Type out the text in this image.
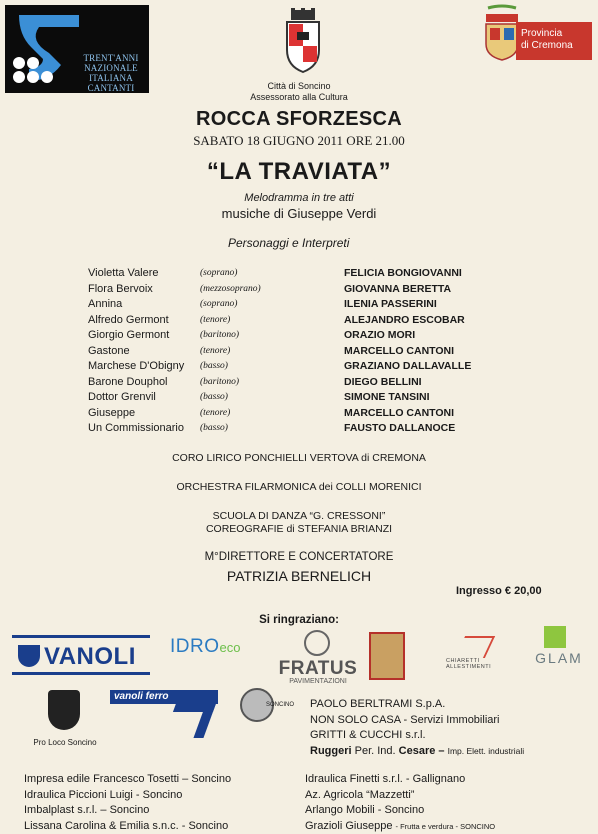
TRENT'ANNI
NAZIONALE
ITALIANA
CANTANTI	Città di Soncino
Assessorato alla Cultura
Provincia
di Cremona
ROCCA SFORZESCA
SABATO 18 GIUGNO 2011 ORE 21.00
“LA TRAVIATA”
Melodramma in tre atti
musiche di Giuseppe Verdi
Personaggi e Interpreti
Violetta Valere	(soprano)	FELICIA BONGIOVANNI
Flora Bervoix	(mezzosoprano)	GIOVANNA BERETTA
Annina	(soprano)	ILENIA PASSERINI
Alfredo Germont	(tenore)	ALEJANDRO ESCOBAR
Giorgio Germont	(baritono)	ORAZIO MORI
Gastone	(tenore)	MARCELLO CANTONI
Marchese D'Obigny (basso)	GRAZIANO DALLAVALLE
Barone Douphol	(baritono)	DIEGO BELLINI
Dottor Grenvil	(basso)	SIMONE TANSINI
Giuseppe	(tenore)	MARCELLO CANTONI
Un Commissionario (basso)	FAUSTO DALLANOCE
CORO LIRICO PONCHIELLI VERTOVA di CREMONA
ORCHESTRA FILARMONICA dei COLLI MORENICI
SCUOLA DI DANZA “G. CRESSONI”
COREOGRAFIE di STEFANIA BRIANZI
M°DIRETTORE E CONCERTATORE
PATRIZIA BERNELICH
Ingresso € 20,00
Si ringraziano:
VANOLI IDROeco
FRATUS
PAVIMENTAZIONI
CHIARETTI ALLESTIMENTI
GLAM
Pro Loco Soncino
vanoli ferro
SONCINO PAOLO BERLTRAMI S.p.A.
NON SOLO CASA - Servizi Immobiliari
GRITTI & CUCCHI s.r.l.
Ruggeri Per. Ind. Cesare – Imp. Elett. industriali
Impresa edile Francesco Tosetti – Soncino
Idraulica Piccioni Luigi - Soncino
Imbalplast s.r.l. – Soncino
Lissana Carolina & Emilia s.n.c. - Soncino
Idraulica Finetti s.r.l. - Gallignano
Az. Agricola “Mazzetti”
Arlango Mobili - Soncino
Grazioli Giuseppe - Frutta e verdura - SONCINO
